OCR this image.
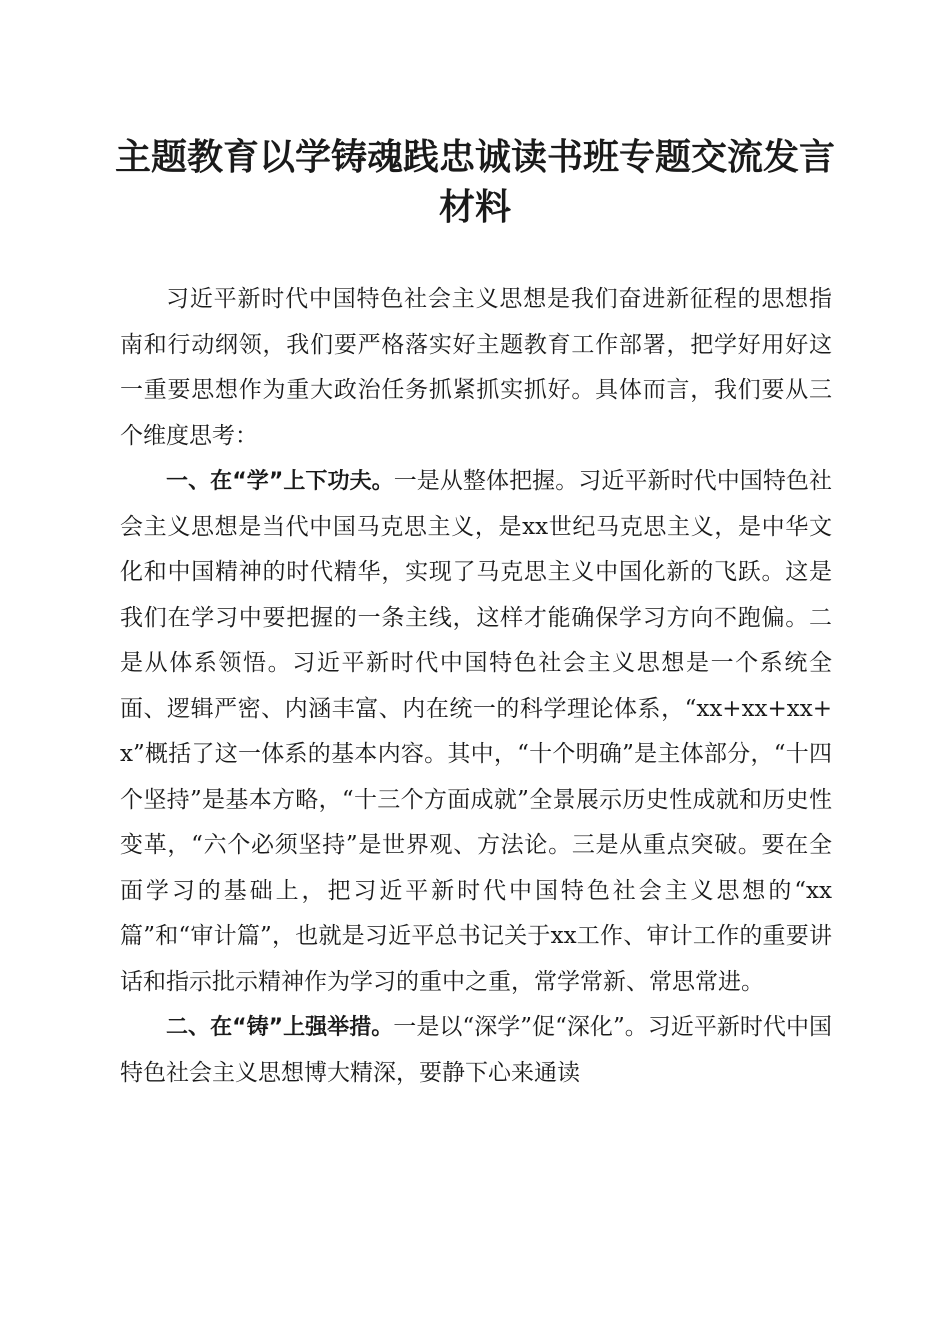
主题教育以学铸魂践忠诚读书班专题交流发言
材料

习近平新时代中国特色社会主义思想是我们奋进新征程的思想指南和行动纲领，我们要严格落实好主题教育工作部署，把学好用好这一重要思想作为重大政治任务抓紧抓实抓好。具体而言，我们要从三个维度思考：

一、在“学”上下功夫。一是从整体把握。习近平新时代中国特色社会主义思想是当代中国马克思主义，是xx世纪马克思主义，是中华文化和中国精神的时代精华，实现了马克思主义中国化新的飞跃。这是我们在学习中要把握的一条主线，这样才能确保学习方向不跑偏。二是从体系领悟。习近平新时代中国特色社会主义思想是一个系统全面、逻辑严密、内涵丰富、内在统一的科学理论体系，“xx+xx+xx+x”概括了这一体系的基本内容。其中，“十个明确”是主体部分，“十四个坚持”是基本方略，“十三个方面成就”全景展示历史性成就和历史性变革，“六个必须坚持”是世界观、方法论。三是从重点突破。要在全面学习的基础上，把习近平新时代中国特色社会主义思想的“xx篇”和“审计篇”，也就是习近平总书记关于xx工作、审计工作的重要讲话和指示批示精神作为学习的重中之重，常学常新、常思常进。

二、在“铸”上强举措。一是以“深学”促“深化”。习近平新时代中国特色社会主义思想博大精深，要静下心来通读
